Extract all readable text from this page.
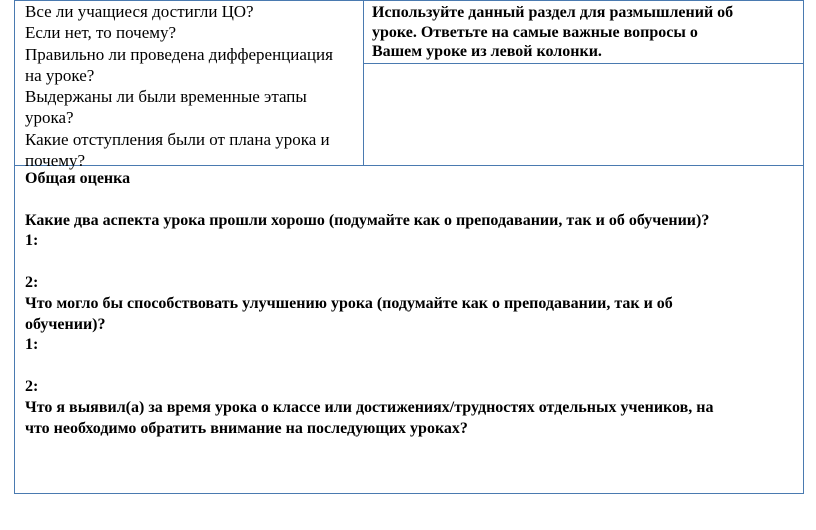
Все ли учащиеся достигли ЦО?
Если нет, то почему?
Правильно ли проведена дифференциация
на уроке?
Выдержаны ли были временные этапы
урока?
Какие отступления были от плана урока и
почему?
Используйте данный раздел для размышлений об
уроке. Ответьте на самые важные вопросы о
Вашем уроке из левой колонки.
Общая оценка
Какие два аспекта урока прошли хорошо (подумайте как о преподавании, так и об обучении)?
1:
2:
Что могло бы способствовать улучшению урока (подумайте как о преподавании, так и об
обучении)?
1:
2:
Что я выявил(а) за время урока о классе или достижениях/трудностях отдельных учеников, на
что необходимо обратить внимание на последующих уроках?
